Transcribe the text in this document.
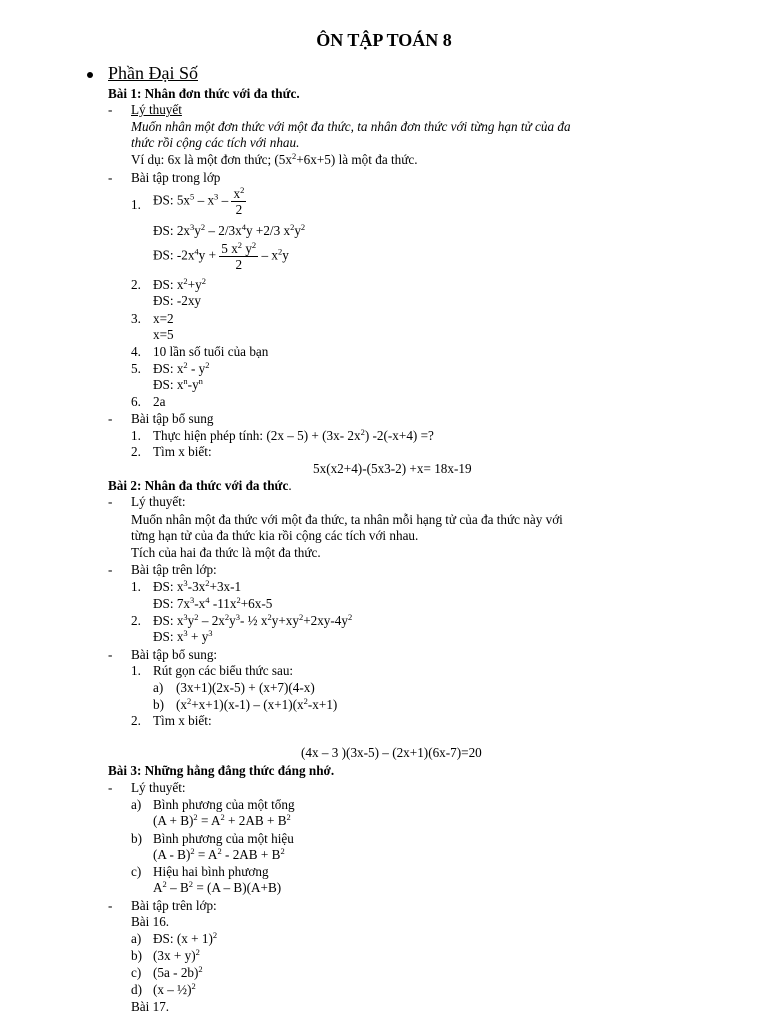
ÔN TẬP TOÁN 8
Phần Đại Số
Bài 1: Nhân đơn thức với đa thức.
- Lý thuyết
Muốn nhân một đơn thức với một đa thức, ta nhân đơn thức với từng hạn tử của đa
thức rồi cộng các tích với nhau.
Ví dụ: 6x là một đơn thức; $(5x^2+6x+5)$ là một đa thức.
- Bài tập trong lớp
1. ĐS: $5x^5 - x^3 - \frac{x^2}{2}$
ĐS: $2x^3y^2 - 2/3x^4y +2/3$ $x^2y^2$
ĐS: $-2x^4y + \frac{5 x^2 y^2}{2} - x^2y$
2. ĐS: $x^2+y^2$
ĐS: -2xy
3. x=2
x=5
4. 10 lần số tuổi của bạn
5. ĐS: $x^2 - y^2$
ĐS: $x^n-y^n$
6. 2a
- Bài tập bổ sung
1. Thực hiện phép tính: (2x – 5) + (3x- $2x^2$) -2(-x+4) =?
2. Tìm x biết:
5x(x2+4)-(5x3-2) +x= 18x-19
Bài 2: Nhân đa thức với đa thức.
- Lý thuyết:
Muốn nhân một đa thức với một đa thức, ta nhân mỗi hạng tử của đa thức này với
từng hạn tử của đa thức kia rồi cộng các tích với nhau.
Tích của hai đa thức là một đa thức.
- Bài tập trên lớp:
1. ĐS: $x^3-3x^2+3x-1$
ĐS: $7x^3-x^4$ $-11x^2+6x-5$
2. ĐS: $x^3y^2 - 2x^2y^3-$ ½ $x^2y+xy^2+2xy-4y^2$
ĐS: $x^3 + y^3$
- Bài tập bổ sung:
1. Rút gọn các biểu thức sau:
a) (3x+1)(2x-5) + (x+7)(4-x)
b) $(x^2+x+1)(x-1) - (x+1)(x^2-x+1)$
2. Tìm x biết:
(4x – 3 )(3x-5) – (2x+1)(6x-7)=20
Bài 3: Những hằng đẳng thức đáng nhớ.
- Lý thuyết:
a) Bình phương của một tổng
$(A + B)^2 = A^2 + 2AB + B^2$
b) Bình phương của một hiệu
$(A - B)^2 = A^2 - 2AB + B^2$
c) Hiệu hai bình phương
$A^2 - B^2 = (A - B)(A+B)$
- Bài tập trên lớp:
Bài 16.
a) ĐS: $(x + 1)^2$
b) $(3x + y)^2$
c) (5a - 2b)$^2$
d) (x – ½)$^2$
Bài 17.
